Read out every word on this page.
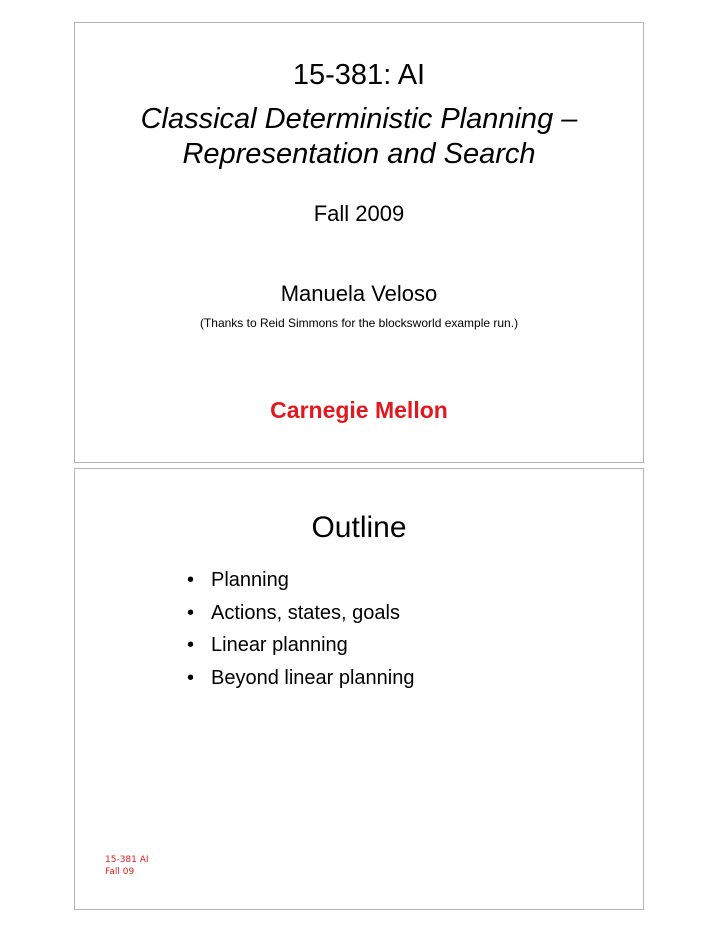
15-381: AI
Classical Deterministic Planning –
Representation and Search
Fall 2009
Manuela Veloso
(Thanks to Reid Simmons for the blocksworld example run.)
Carnegie Mellon
Outline
• Planning
• Actions, states, goals
• Linear planning
• Beyond linear planning
15-381 AI
Fall 09
